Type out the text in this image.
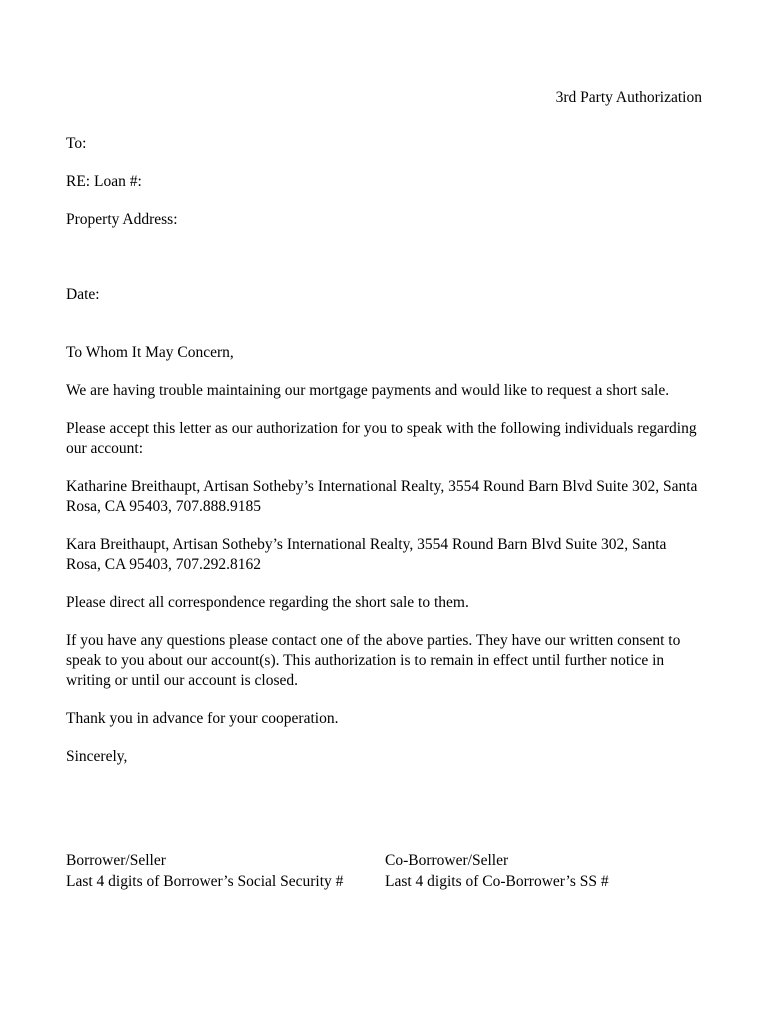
3rd Party Authorization

To:

RE: Loan #:

Property Address:

Date:

To Whom It May Concern,

We are having trouble maintaining our mortgage payments and would like to request a short sale.

Please accept this letter as our authorization for you to speak with the following individuals regarding our account:

Katharine Breithaupt, Artisan Sotheby’s International Realty, 3554 Round Barn Blvd Suite 302, Santa Rosa, CA 95403, 707.888.9185

Kara Breithaupt, Artisan Sotheby’s International Realty, 3554 Round Barn Blvd Suite 302, Santa Rosa, CA 95403, 707.292.8162

Please direct all correspondence regarding the short sale to them.

If you have any questions please contact one of the above parties. They have our written consent to speak to you about our account(s). This authorization is to remain in effect until further notice in writing or until our account is closed.

Thank you in advance for your cooperation.

Sincerely,

Borrower/Seller

Last 4 digits of Borrower’s Social Security #

Co-Borrower/Seller

Last 4 digits of Co-Borrower’s SS #
